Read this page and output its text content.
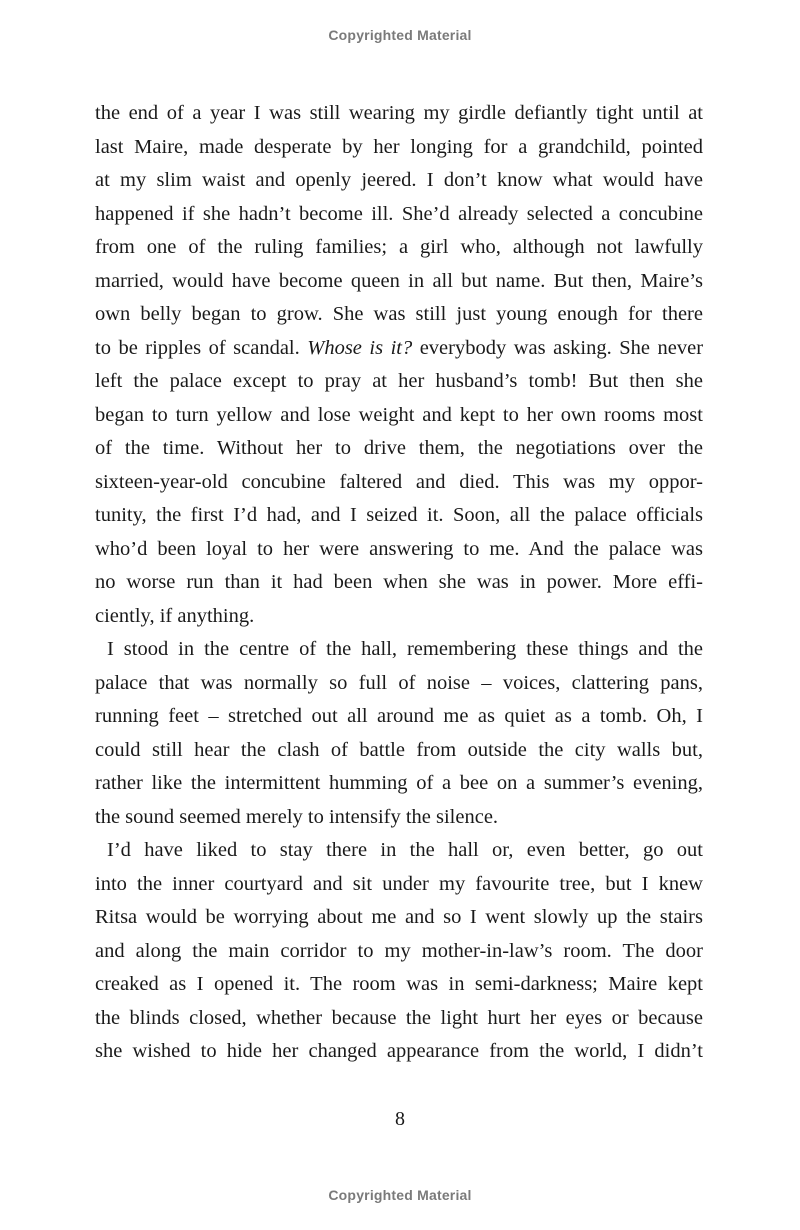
Copyrighted Material
the end of a year I was still wearing my girdle defiantly tight until at
last Maire, made desperate by her longing for a grandchild, pointed
at my slim waist and openly jeered. I don’t know what would have
happened if she hadn’t become ill. She’d already selected a concubine
from one of the ruling families; a girl who, although not lawfully
married, would have become queen in all but name. But then, Maire’s
own belly began to grow. She was still just young enough for there
to be ripples of scandal. Whose is it? everybody was asking. She never
left the palace except to pray at her husband’s tomb! But then she
began to turn yellow and lose weight and kept to her own rooms most
of the time. Without her to drive them, the negotiations over the
sixteen-year-old concubine faltered and died. This was my oppor-
tunity, the first I’d had, and I seized it. Soon, all the palace officials
who’d been loyal to her were answering to me. And the palace was
no worse run than it had been when she was in power. More effi-
ciently, if anything.
I stood in the centre of the hall, remembering these things and the
palace that was normally so full of noise – voices, clattering pans,
running feet – stretched out all around me as quiet as a tomb. Oh, I
could still hear the clash of battle from outside the city walls but,
rather like the intermittent humming of a bee on a summer’s evening,
the sound seemed merely to intensify the silence.
I’d have liked to stay there in the hall or, even better, go out
into the inner courtyard and sit under my favourite tree, but I knew
Ritsa would be worrying about me and so I went slowly up the stairs
and along the main corridor to my mother-in-law’s room. The door
creaked as I opened it. The room was in semi-darkness; Maire kept
the blinds closed, whether because the light hurt her eyes or because
she wished to hide her changed appearance from the world, I didn’t
8
Copyrighted Material
